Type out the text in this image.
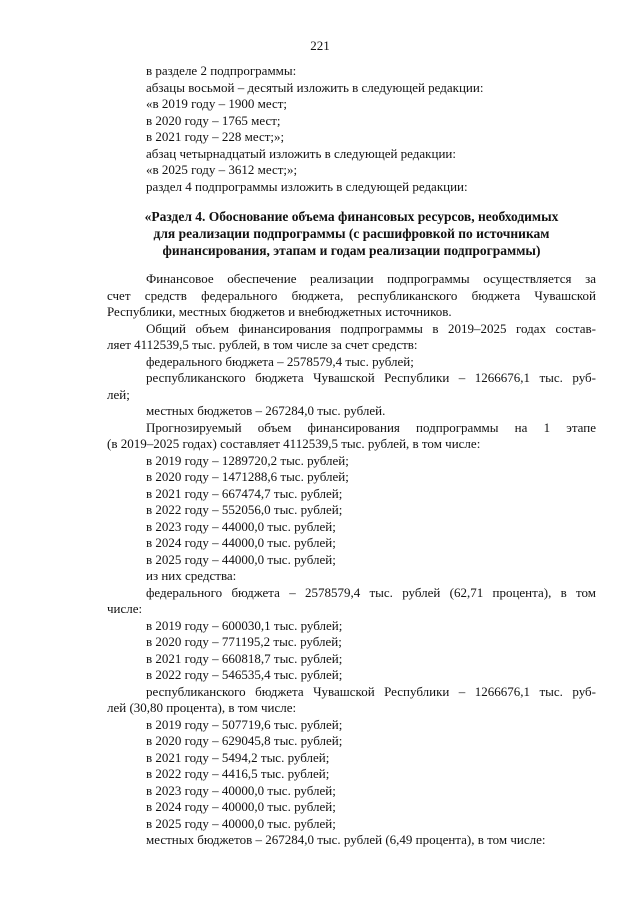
221
в разделе 2 подпрограммы:
абзацы восьмой – десятый изложить в следующей редакции:
«в 2019 году – 1900 мест;
в 2020 году – 1765 мест;
в 2021 году – 228 мест;»;
абзац четырнадцатый изложить в следующей редакции:
«в 2025 году – 3612 мест;»;
раздел 4 подпрограммы изложить в следующей редакции:
«Раздел 4. Обоснование объема финансовых ресурсов, необходимых
для реализации подпрограммы (с расшифровкой по источникам
финансирования, этапам и годам реализации подпрограммы)
Финансовое обеспечение реализации подпрограммы осуществляется за
счет средств федерального бюджета, республиканского бюджета Чувашской
Республики, местных бюджетов и внебюджетных источников.
Общий объем финансирования подпрограммы в 2019–2025 годах состав-
ляет 4112539,5 тыс. рублей, в том числе за счет средств:
федерального бюджета – 2578579,4 тыс. рублей;
республиканского бюджета Чувашской Республики – 1266676,1 тыс. руб-
лей;
местных бюджетов – 267284,0 тыс. рублей.
Прогнозируемый объем финансирования подпрограммы на 1 этапе
(в 2019–2025 годах) составляет 4112539,5 тыс. рублей, в том числе:
в 2019 году – 1289720,2 тыс. рублей;
в 2020 году – 1471288,6 тыс. рублей;
в 2021 году – 667474,7 тыс. рублей;
в 2022 году – 552056,0 тыс. рублей;
в 2023 году – 44000,0 тыс. рублей;
в 2024 году – 44000,0 тыс. рублей;
в 2025 году – 44000,0 тыс. рублей;
из них средства:
федерального бюджета – 2578579,4 тыс. рублей (62,71 процента), в том
числе:
в 2019 году – 600030,1 тыс. рублей;
в 2020 году – 771195,2 тыс. рублей;
в 2021 году – 660818,7 тыс. рублей;
в 2022 году – 546535,4 тыс. рублей;
республиканского бюджета Чувашской Республики – 1266676,1 тыс. руб-
лей (30,80 процента), в том числе:
в 2019 году – 507719,6 тыс. рублей;
в 2020 году – 629045,8 тыс. рублей;
в 2021 году – 5494,2 тыс. рублей;
в 2022 году – 4416,5 тыс. рублей;
в 2023 году – 40000,0 тыс. рублей;
в 2024 году – 40000,0 тыс. рублей;
в 2025 году – 40000,0 тыс. рублей;
местных бюджетов – 267284,0 тыс. рублей (6,49 процента), в том числе:
